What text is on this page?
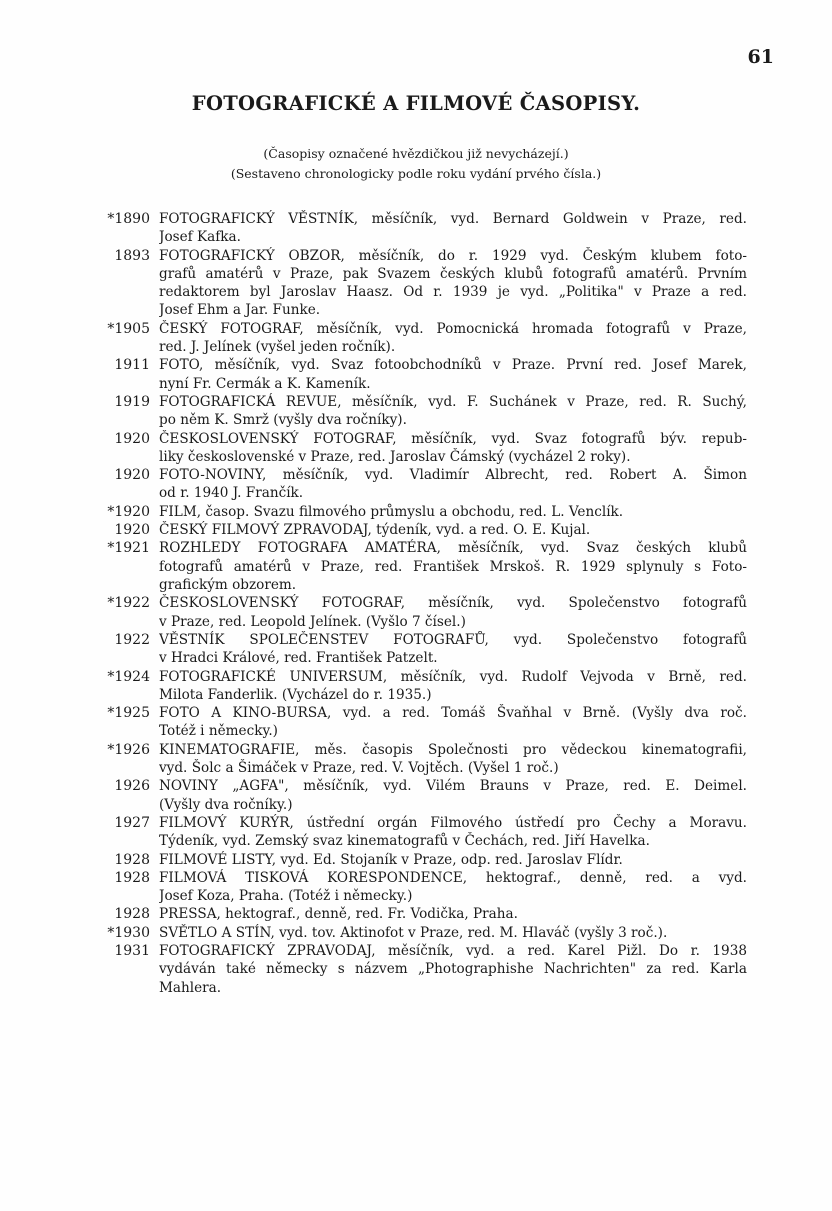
61
FOTOGRAFICKÉ A FILMOVÉ ČASOPISY.
(Časopisy označené hvězdičkou již nevycházejí.)
(Sestaveno chronologicky podle roku vydání prvého čísla.)
*1890 FOTOGRAFICKÝ VĚSTNÍK, měsíčník, vyd. Bernard Goldwein v Praze, red.
Josef Kafka.
1893 FOTOGRAFICKÝ OBZOR, měsíčník, do r. 1929 vyd. Českým klubem foto-
grafů amatérů v Praze, pak Svazem českých klubů fotografů amatérů. Prvním
redaktorem byl Jaroslav Haasz. Od r. 1939 je vyd. „Politika" v Praze a red.
Josef Ehm a Jar. Funke.
*1905 ČESKÝ FOTOGRAF, měsíčník, vyd. Pomocnická hromada fotografů v Praze,
red. J. Jelínek (vyšel jeden ročník).
1911 FOTO, měsíčník, vyd. Svaz fotoobchodníků v Praze. První red. Josef Marek,
nyní Fr. Cermák a K. Kameník.
1919 FOTOGRAFICKÁ REVUE, měsíčník, vyd. F. Suchánek v Praze, red. R. Suchý,
po něm K. Smrž (vyšly dva ročníky).
1920 ČESKOSLOVENSKÝ FOTOGRAF, měsíčník, vyd. Svaz fotografů býv. repub-
liky československé v Praze, red. Jaroslav Čámský (vycházel 2 roky).
1920 FOTO-NOVINY, měsíčník, vyd. Vladimír Albrecht, red. Robert A. Šimon
od r. 1940 J. Frančík.
*1920 FILM, časop. Svazu filmového průmyslu a obchodu, red. L. Venclík.
1920 ČESKÝ FILMOVÝ ZPRAVODAJ, týdeník, vyd. a red. O. E. Kujal.
*1921 ROZHLEDY FOTOGRAFA AMATÉRA, měsíčník, vyd. Svaz českých klubů
fotografů amatérů v Praze, red. František Mrskoš. R. 1929 splynuly s Foto-
grafickým obzorem.
*1922 ČESKOSLOVENSKÝ FOTOGRAF, měsíčník, vyd. Společenstvo fotografů
v Praze, red. Leopold Jelínek. (Vyšlo 7 čísel.)
1922 VĚSTNÍK SPOLEČENSTEV FOTOGRAFŮ, vyd. Společenstvo fotografů
v Hradci Králové, red. František Patzelt.
*1924 FOTOGRAFICKÉ UNIVERSUM, měsíčník, vyd. Rudolf Vejvoda v Brně, red.
Milota Fanderlik. (Vycházel do r. 1935.)
*1925 FOTO A KINO-BURSA, vyd. a red. Tomáš Švaňhal v Brně. (Vyšly dva roč.
Totéž i německy.)
*1926 KINEMATOGRAFIE, měs. časopis Společnosti pro vědeckou kinematografii,
vyd. Šolc a Šimáček v Praze, red. V. Vojtěch. (Vyšel 1 roč.)
1926 NOVINY „AGFA", měsíčník, vyd. Vilém Brauns v Praze, red. E. Deimel.
(Vyšly dva ročníky.)
1927 FILMOVÝ KURÝR, ústřední orgán Filmového ústředí pro Čechy a Moravu.
Týdeník, vyd. Zemský svaz kinematografů v Čechách, red. Jiří Havelka.
1928 FILMOVÉ LISTY, vyd. Ed. Stojaník v Praze, odp. red. Jaroslav Flídr.
1928 FILMOVÁ TISKOVÁ KORESPONDENCE, hektograf., denně, red. a vyd.
Josef Koza, Praha. (Totéž i německy.)
1928 PRESSA, hektograf., denně, red. Fr. Vodička, Praha.
*1930 SVĚTLO A STÍN, vyd. tov. Aktinofot v Praze, red. M. Hlaváč (vyšly 3 roč.).
1931 FOTOGRAFICKÝ ZPRAVODAJ, měsíčník, vyd. a red. Karel Pižl. Do r. 1938
vydáván také německy s názvem „Photographishe Nachrichten" za red. Karla
Mahlera.
